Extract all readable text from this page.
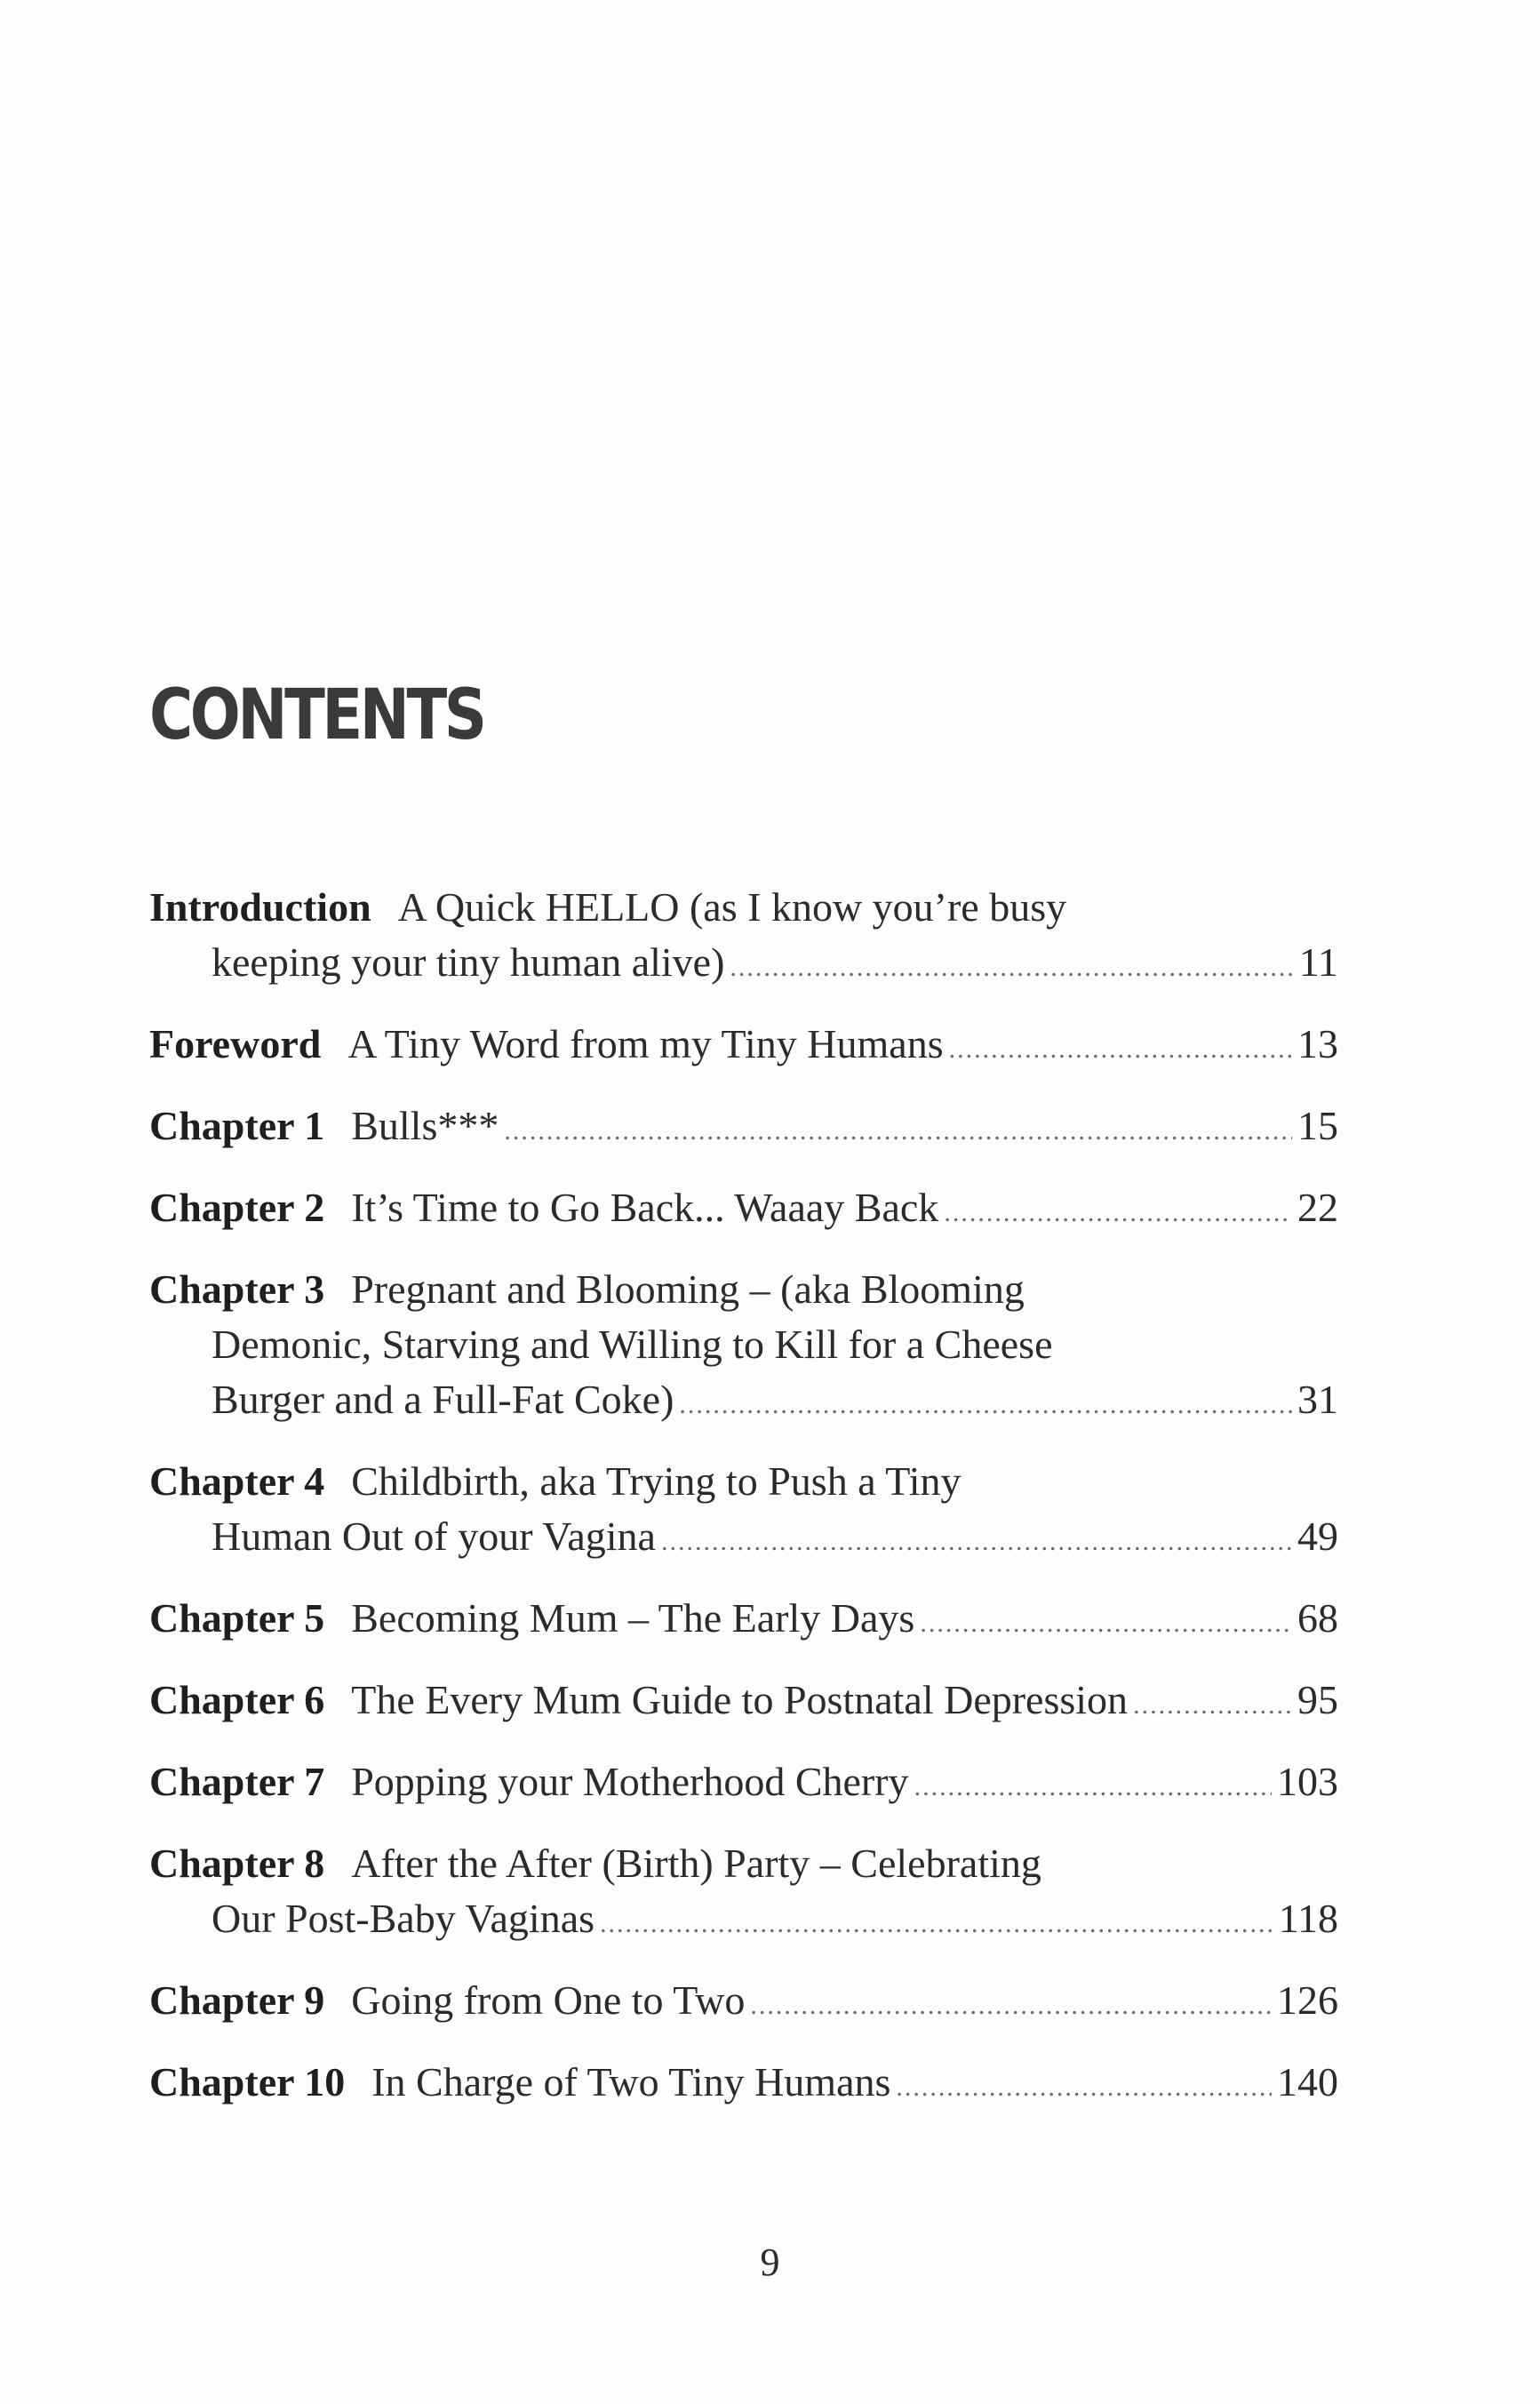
CONTENTS
Introduction A Quick HELLO (as I know you’re busy
keeping your tiny human alive) .....	11
Foreword A Tiny Word from my Tiny Humans .....	13
Chapter 1 Bulls*** .....	15
Chapter 2 It’s Time to Go Back... Waaay Back .....	22
Chapter 3 Pregnant and Blooming – (aka Blooming
Demonic, Starving and Willing to Kill for a Cheese
Burger and a Full-Fat Coke) .....	31
Chapter 4 Childbirth, aka Trying to Push a Tiny
Human Out of your Vagina .....	49
Chapter 5 Becoming Mum – The Early Days .....	68
Chapter 6 The Every Mum Guide to Postnatal Depression .....	95
Chapter 7 Popping your Motherhood Cherry .....	103
Chapter 8 After the After (Birth) Party – Celebrating
Our Post-Baby Vaginas .....	118
Chapter 9 Going from One to Two .....	126
Chapter 10 In Charge of Two Tiny Humans .....	140
9
